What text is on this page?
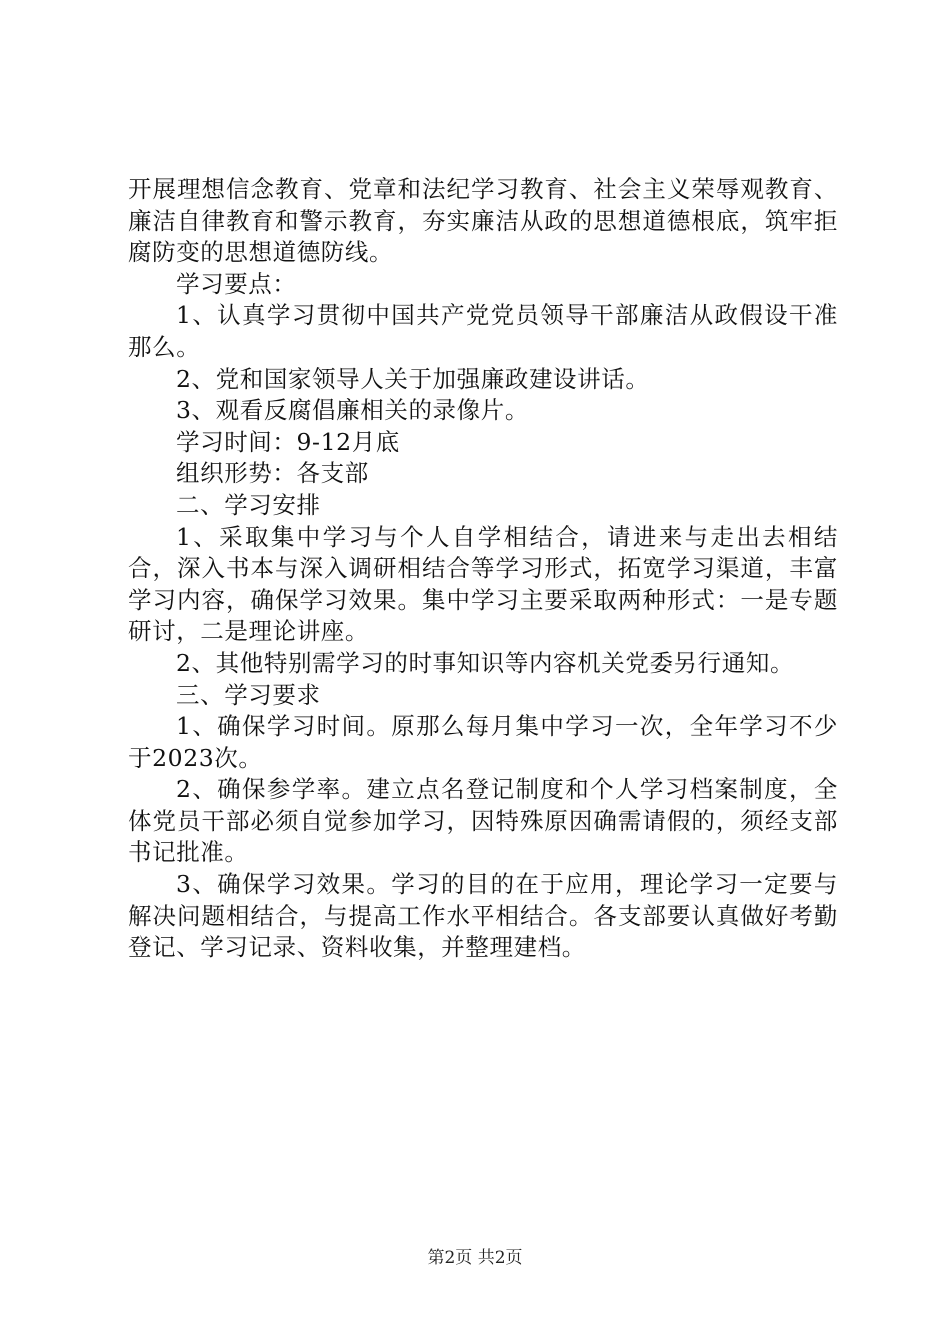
开展理想信念教育、党章和法纪学习教育、社会主义荣辱观教育、廉洁自律教育和警示教育，夯实廉洁从政的思想道德根底，筑牢拒腐防变的思想道德防线。

学习要点：

1、认真学习贯彻中国共产党党员领导干部廉洁从政假设干准那么。

2、党和国家领导人关于加强廉政建设讲话。

3、观看反腐倡廉相关的录像片。

学习时间：9-12月底

组织形势：各支部

二、学习安排

1、采取集中学习与个人自学相结合，请进来与走出去相结合，深入书本与深入调研相结合等学习形式，拓宽学习渠道，丰富学习内容，确保学习效果。集中学习主要采取两种形式：一是专题研讨，二是理论讲座。

2、其他特别需学习的时事知识等内容机关党委另行通知。

三、学习要求

1、确保学习时间。原那么每月集中学习一次，全年学习不少于2023次。

2、确保参学率。建立点名登记制度和个人学习档案制度，全体党员干部必须自觉参加学习，因特殊原因确需请假的，须经支部书记批准。

3、确保学习效果。学习的目的在于应用，理论学习一定要与解决问题相结合，与提高工作水平相结合。各支部要认真做好考勤登记、学习记录、资料收集，并整理建档。

第2页 共2页
